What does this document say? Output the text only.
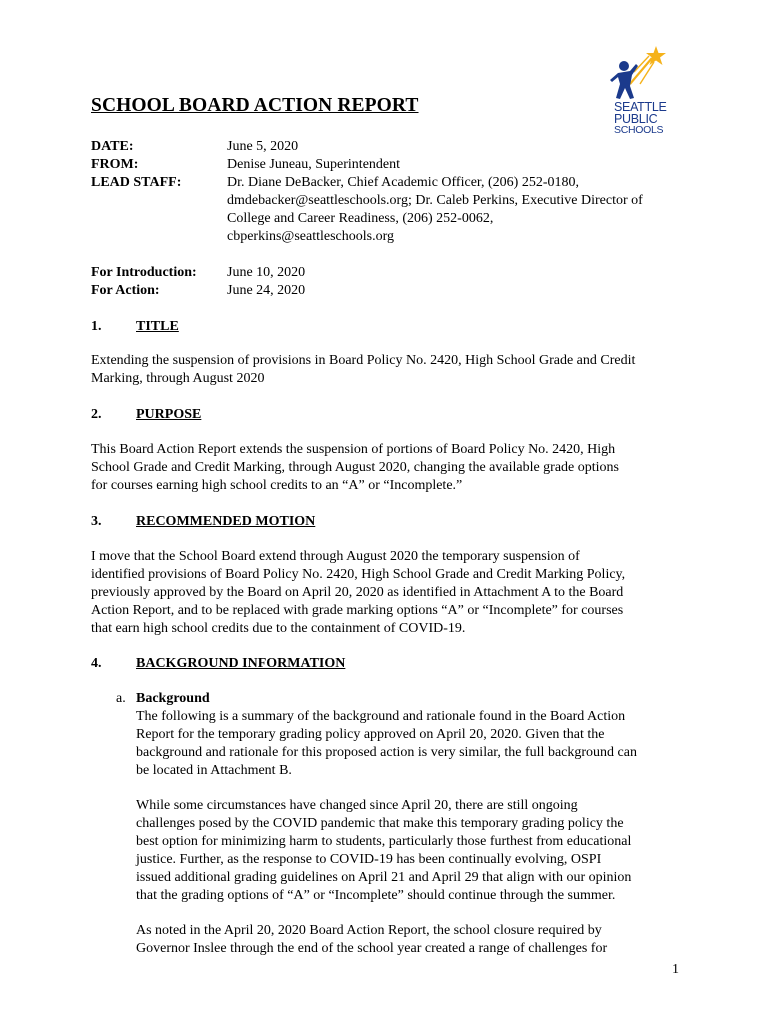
SEATTLE
PUBLIC
SCHOOLS
SCHOOL BOARD ACTION REPORT
DATE:	June 5, 2020
FROM:	Denise Juneau, Superintendent
LEAD STAFF:	Dr. Diane DeBacker, Chief Academic Officer, (206) 252-0180,
dmdebacker@seattleschools.org; Dr. Caleb Perkins, Executive Director of
College and Career Readiness, (206) 252-0062,
cbperkins@seattleschools.org
For Introduction: June 10, 2020
For Action:	June 24, 2020
1. TITLE
Extending the suspension of provisions in Board Policy No. 2420, High School Grade and Credit
Marking, through August 2020
2. PURPOSE
This Board Action Report extends the suspension of portions of Board Policy No. 2420, High
School Grade and Credit Marking, through August 2020, changing the available grade options
for courses earning high school credits to an “A” or “Incomplete.”
3. RECOMMENDED MOTION
I move that the School Board extend through August 2020 the temporary suspension of
identified provisions of Board Policy No. 2420, High School Grade and Credit Marking Policy,
previously approved by the Board on April 20, 2020 as identified in Attachment A to the Board
Action Report, and to be replaced with grade marking options “A” or “Incomplete” for courses
that earn high school credits due to the containment of COVID-19.
4. BACKGROUND INFORMATION
a. Background
The following is a summary of the background and rationale found in the Board Action
Report for the temporary grading policy approved on April 20, 2020. Given that the
background and rationale for this proposed action is very similar, the full background can
be located in Attachment B.
While some circumstances have changed since April 20, there are still ongoing
challenges posed by the COVID pandemic that make this temporary grading policy the
best option for minimizing harm to students, particularly those furthest from educational
justice. Further, as the response to COVID-19 has been continually evolving, OSPI
issued additional grading guidelines on April 21 and April 29 that align with our opinion
that the grading options of “A” or “Incomplete” should continue through the summer.
As noted in the April 20, 2020 Board Action Report, the school closure required by
Governor Inslee through the end of the school year created a range of challenges for
1
